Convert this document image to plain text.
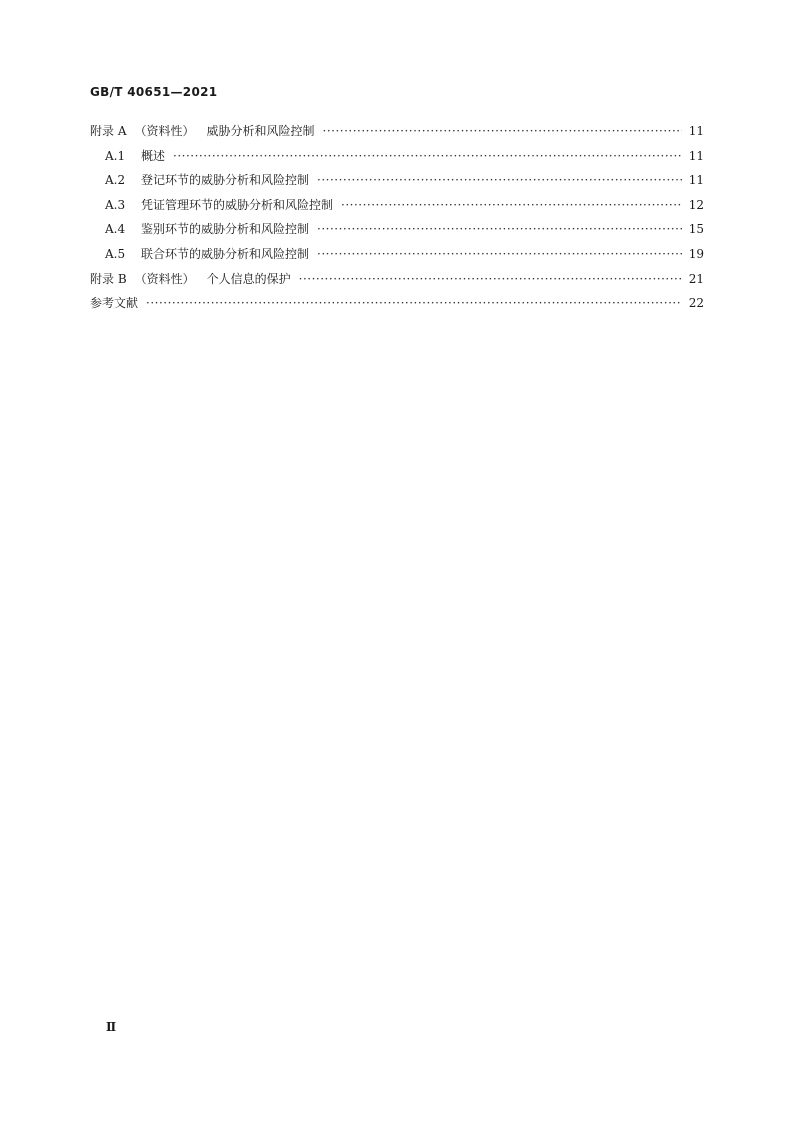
GB/T 40651—2021
附录 A （资料性） 威胁分析和风险控制 ·····	11
A.1	概述 ·····	11
A.2	登记环节的威胁分析和风险控制 ·····	11
A.3	凭证管理环节的威胁分析和风险控制 ·····	12
A.4	鉴别环节的威胁分析和风险控制 ·····	15
A.5	联合环节的威胁分析和风险控制 ·····	19
附录 B （资料性） 个人信息的保护 ·····	21
参考文献 ·····	22
Ⅱ
